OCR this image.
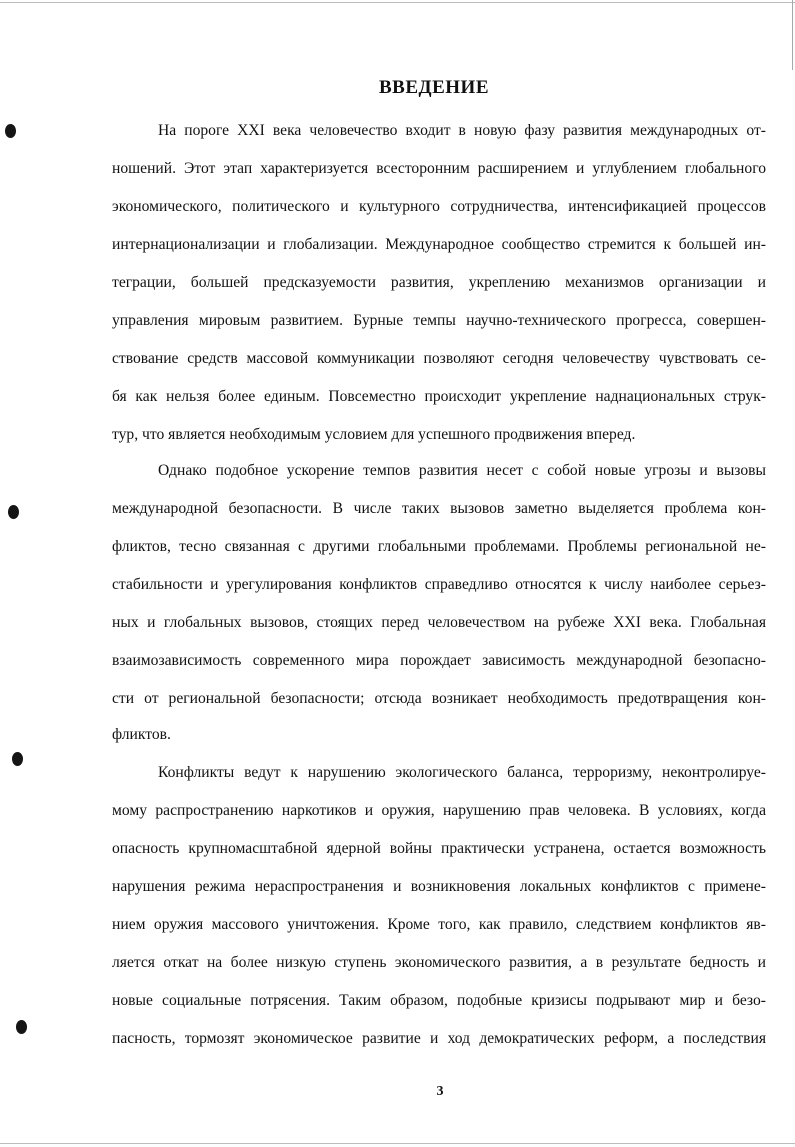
ВВЕДЕНИЕ
На пороге XXI века человечество входит в новую фазу развития международных от-
ношений. Этот этап характеризуется всесторонним расширением и углублением глобального
экономического, политического и культурного сотрудничества, интенсификацией процессов
интернационализации и глобализации. Международное сообщество стремится к большей ин-
теграции, большей предсказуемости развития, укреплению механизмов организации и
управления мировым развитием. Бурные темпы научно-технического прогресса, совершен-
ствование средств массовой коммуникации позволяют сегодня человечеству чувствовать се-
бя как нельзя более единым. Повсеместно происходит укрепление наднациональных струк-
тур, что является необходимым условием для успешного продвижения вперед.
Однако подобное ускорение темпов развития несет с собой новые угрозы и вызовы
международной безопасности. В числе таких вызовов заметно выделяется проблема кон-
фликтов, тесно связанная с другими глобальными проблемами. Проблемы региональной не-
стабильности и урегулирования конфликтов справедливо относятся к числу наиболее серьез-
ных и глобальных вызовов, стоящих перед человечеством на рубеже XXI века. Глобальная
взаимозависимость современного мира порождает зависимость международной безопасно-
сти от региональной безопасности; отсюда возникает необходимость предотвращения кон-
фликтов.
Конфликты ведут к нарушению экологического баланса, терроризму, неконтролируе-
мому распространению наркотиков и оружия, нарушению прав человека. В условиях, когда
опасность крупномасштабной ядерной войны практически устранена, остается возможность
нарушения режима нераспространения и возникновения локальных конфликтов с примене-
нием оружия массового уничтожения. Кроме того, как правило, следствием конфликтов яв-
ляется откат на более низкую ступень экономического развития, а в результате бедность и
новые социальные потрясения. Таким образом, подобные кризисы подрывают мир и безо-
пасность, тормозят экономическое развитие и ход демократических реформ, а последствия
3
